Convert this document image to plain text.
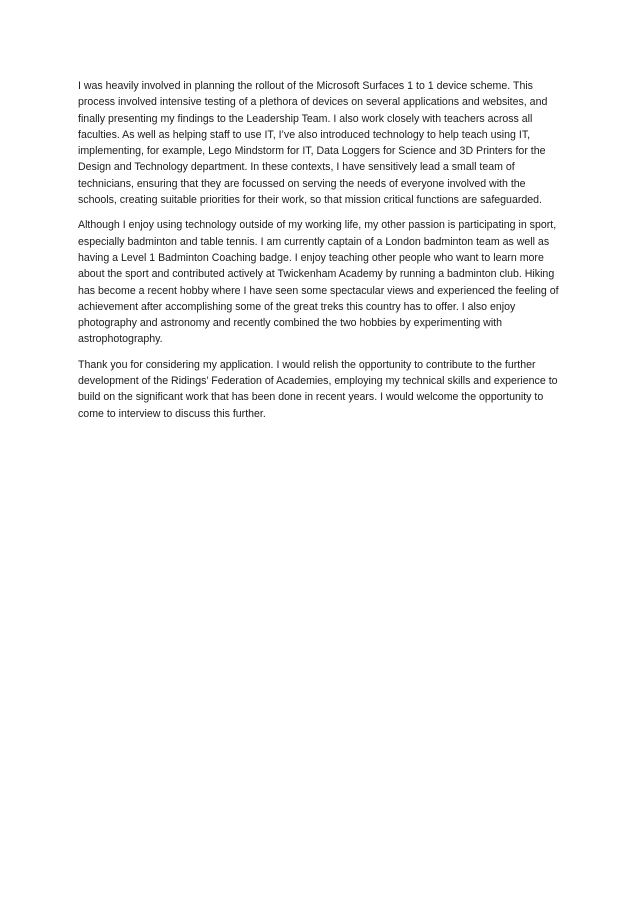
I was heavily involved in planning the rollout of the Microsoft Surfaces 1 to 1 device scheme. This process involved intensive testing of a plethora of devices on several applications and websites, and finally presenting my findings to the Leadership Team. I also work closely with teachers across all faculties. As well as helping staff to use IT, I’ve also introduced technology to help teach using IT, implementing, for example, Lego Mindstorm for IT, Data Loggers for Science and 3D Printers for the Design and Technology department. In these contexts, I have sensitively lead a small team of technicians, ensuring that they are focussed on serving the needs of everyone involved with the schools, creating suitable priorities for their work, so that mission critical functions are safeguarded.

Although I enjoy using technology outside of my working life, my other passion is participating in sport, especially badminton and table tennis. I am currently captain of a London badminton team as well as having a Level 1 Badminton Coaching badge. I enjoy teaching other people who want to learn more about the sport and contributed actively at Twickenham Academy by running a badminton club. Hiking has become a recent hobby where I have seen some spectacular views and experienced the feeling of achievement after accomplishing some of the great treks this country has to offer. I also enjoy photography and astronomy and recently combined the two hobbies by experimenting with astrophotography.

Thank you for considering my application. I would relish the opportunity to contribute to the further development of the Ridings’ Federation of Academies, employing my technical skills and experience to build on the significant work that has been done in recent years. I would welcome the opportunity to come to interview to discuss this further.
